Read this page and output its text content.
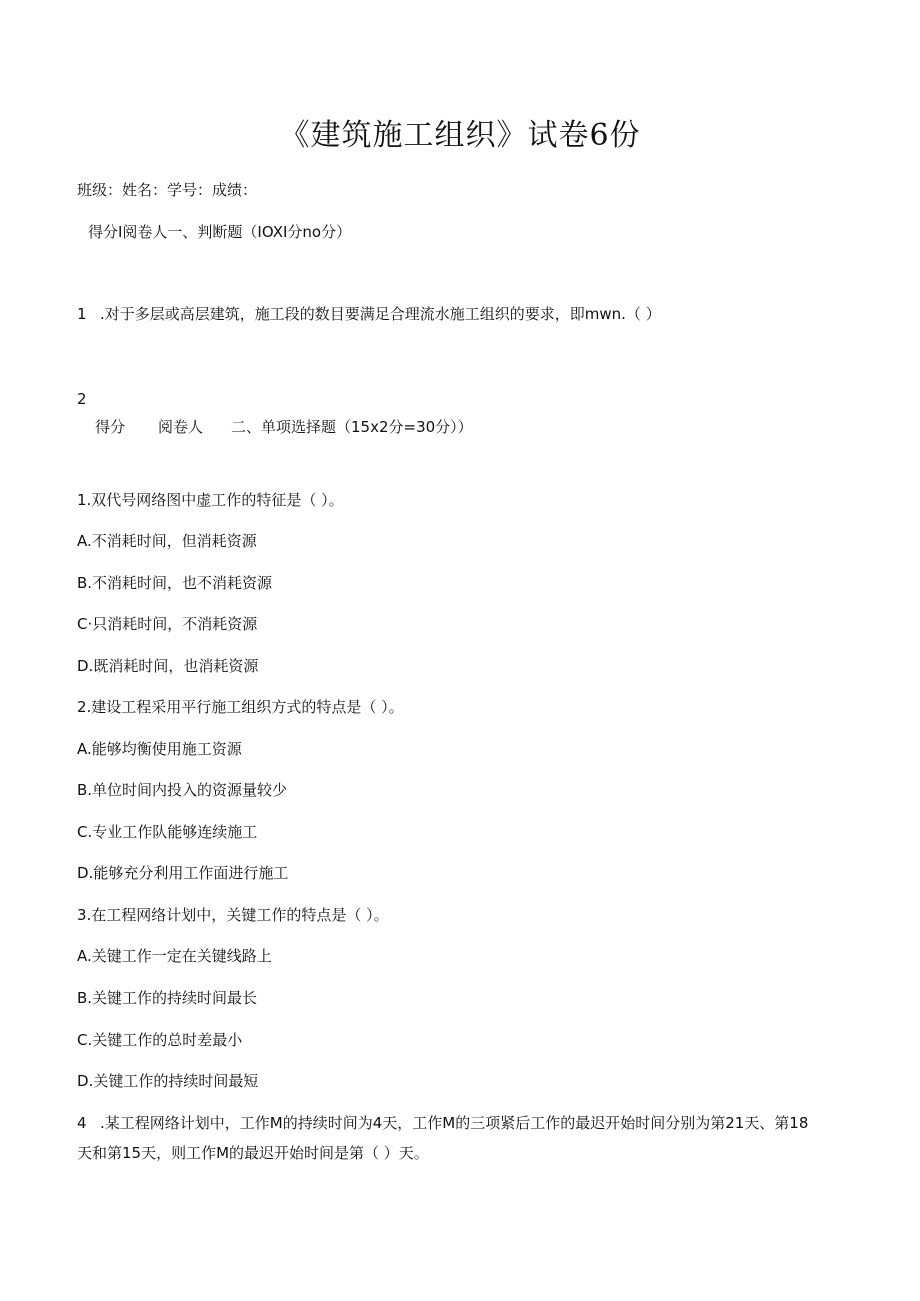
《建筑施工组织》试卷6份
班级：姓名：学号：成绩：
得分I阅卷人一、判断题（IOXI分no分）
1 .对于多层或高层建筑，施工段的数目要满足合理流水施工组织的要求，即mwn.（ ）
2
得分 阅卷人 二、单项选择题（15x2分=30分））
1.双代号网络图中虚工作的特征是（ ）。
A.不消耗时间，但消耗资源
B.不消耗时间，也不消耗资源
C·只消耗时间，不消耗资源
D.既消耗时间，也消耗资源
2.建设工程采用平行施工组织方式的特点是（ ）。
A.能够均衡使用施工资源
B.单位时间内投入的资源量较少
C.专业工作队能够连续施工
D.能够充分利用工作面进行施工
3.在工程网络计划中，关键工作的特点是（ ）。
A.关键工作一定在关键线路上
B.关键工作的持续时间最长
C.关键工作的总时差最小
D.关键工作的持续时间最短
4 .某工程网络计划中，工作M的持续时间为4天，工作M的三项紧后工作的最迟开始时间分别为第21天、第18
天和第15天，则工作M的最迟开始时间是第（ ）天。
